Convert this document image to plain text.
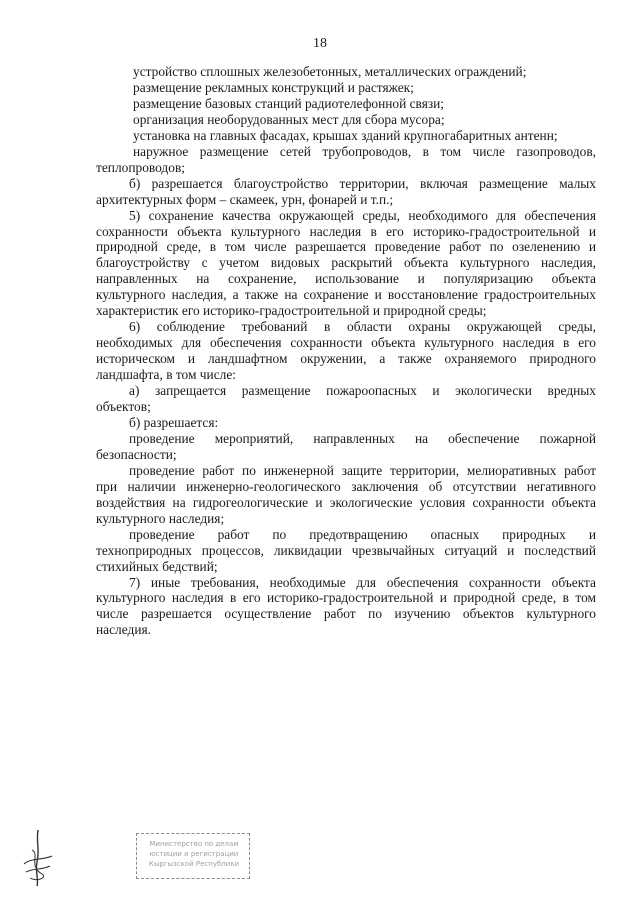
18
устройство сплошных железобетонных, металлических ограждений;
размещение рекламных конструкций и растяжек;
размещение базовых станций радиотелефонной связи;
организация необорудованных мест для сбора мусора;
установка на главных фасадах, крышах зданий крупногабаритных антенн;
наружное размещение сетей трубопроводов, в том числе газопроводов,
теплопроводов;
б) разрешается благоустройство территории, включая размещение малых
архитектурных форм – скамеек, урн, фонарей и т.п.;
5) сохранение качества окружающей среды, необходимого для обеспечения
сохранности объекта культурного наследия в его историко-градостроительной и
природной среде, в том числе разрешается проведение работ по озеленению и
благоустройству с учетом видовых раскрытий объекта культурного наследия,
направленных на сохранение, использование и популяризацию объекта
культурного наследия, а также на сохранение и восстановление градостроительных
характеристик его историко-градостроительной и природной среды;
6) соблюдение требований в области охраны окружающей среды,
необходимых для обеспечения сохранности объекта культурного наследия в его
историческом и ландшафтном окружении, а также охраняемого природного
ландшафта, в том числе:
а) запрещается размещение пожароопасных и экологически вредных
объектов;
б) разрешается:
проведение мероприятий, направленных на обеспечение пожарной
безопасности;
проведение работ по инженерной защите территории, мелиоративных работ
при наличии инженерно-геологического заключения об отсутствии негативного
воздействия на гидрогеологические и экологические условия сохранности объекта
культурного наследия;
проведение работ по предотвращению опасных природных и
техноприродных процессов, ликвидации чрезвычайных ситуаций и последствий
стихийных бедствий;
7) иные требования, необходимые для обеспечения сохранности объекта
культурного наследия в его историко-градостроительной и природной среде, в том
числе разрешается осуществление работ по изучению объектов культурного
наследия.
Министерство по делам
юстиции и регистрации
Кыргызской Республики
